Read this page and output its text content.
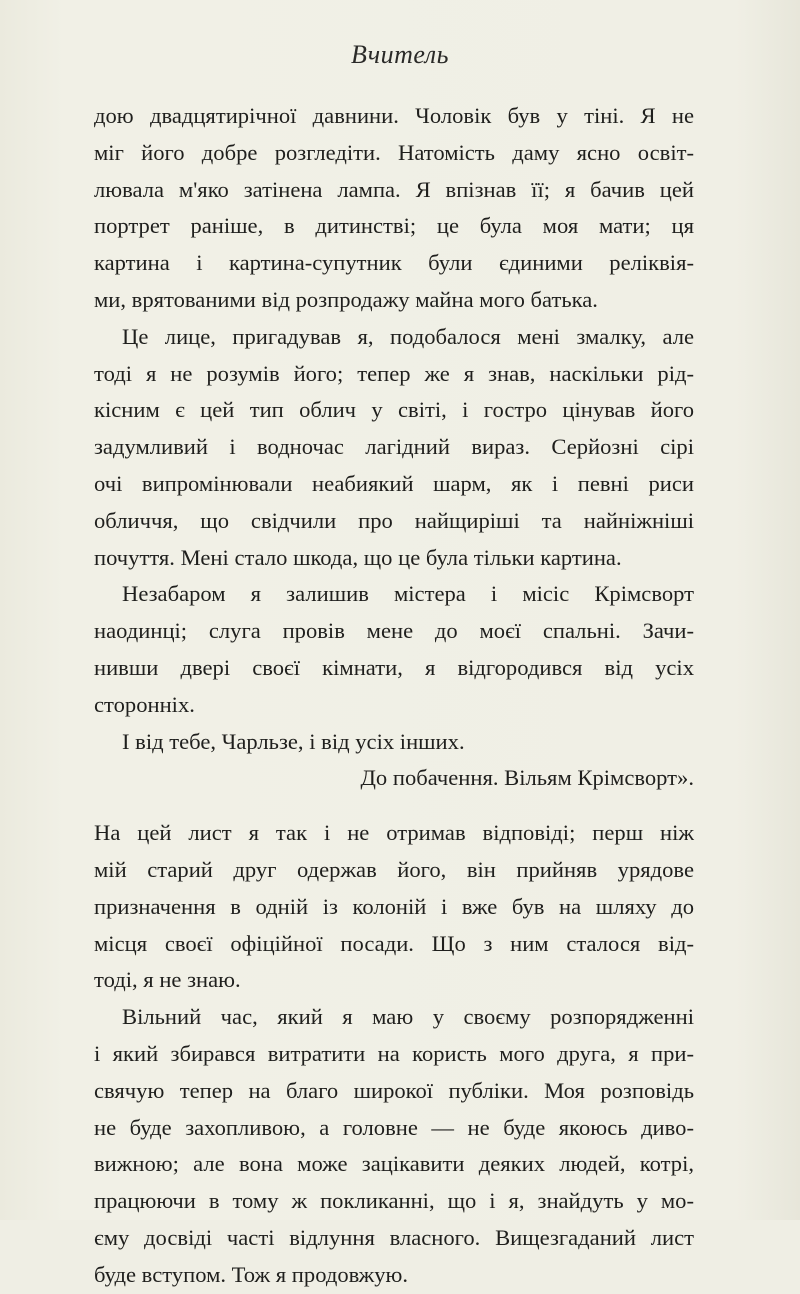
Вчитель
дою двадцятирічної давнини. Чоловік був у тіні. Я не
міг його добре розгледіти. Натомість даму ясно освіт-
лювала м'яко затінена лампа. Я впізнав її; я бачив цей
портрет раніше, в дитинстві; це була моя мати; ця
картина і картина-супутник були єдиними реліквія-
ми, врятованими від розпродажу майна мого батька.
Це лице, пригадував я, подобалося мені змалку, але
тоді я не розумів його; тепер же я знав, наскільки рід-
кісним є цей тип облич у світі, і гостро цінував його
задумливий і водночас лагідний вираз. Серйозні сірі
очі випромінювали неабиякий шарм, як і певні риси
обличчя, що свідчили про найщиріші та найніжніші
почуття. Мені стало шкода, що це була тільки картина.
Незабаром я залишив містера і місіс Крімсворт
наодинці; слуга провів мене до моєї спальні. Зачи-
нивши двері своєї кімнати, я відгородився від усіх
сторонніх.
І від тебе, Чарльзе, і від усіх інших.
До побачення. Вільям Крімсворт».
На цей лист я так і не отримав відповіді; перш ніж
мій старий друг одержав його, він прийняв урядове
призначення в одній із колоній і вже був на шляху до
місця своєї офіційної посади. Що з ним сталося від-
тоді, я не знаю.
Вільний час, який я маю у своєму розпорядженні
і який збирався витратити на користь мого друга, я при-
свячую тепер на благо широкої публіки. Моя розповідь
не буде захопливою, а головне — не буде якоюсь диво-
вижною; але вона може зацікавити деяких людей, котрі,
працюючи в тому ж покликанні, що і я, знайдуть у мо-
єму досвіді часті відлуння власного. Вищезгаданий лист
буде вступом. Тож я продовжую.
